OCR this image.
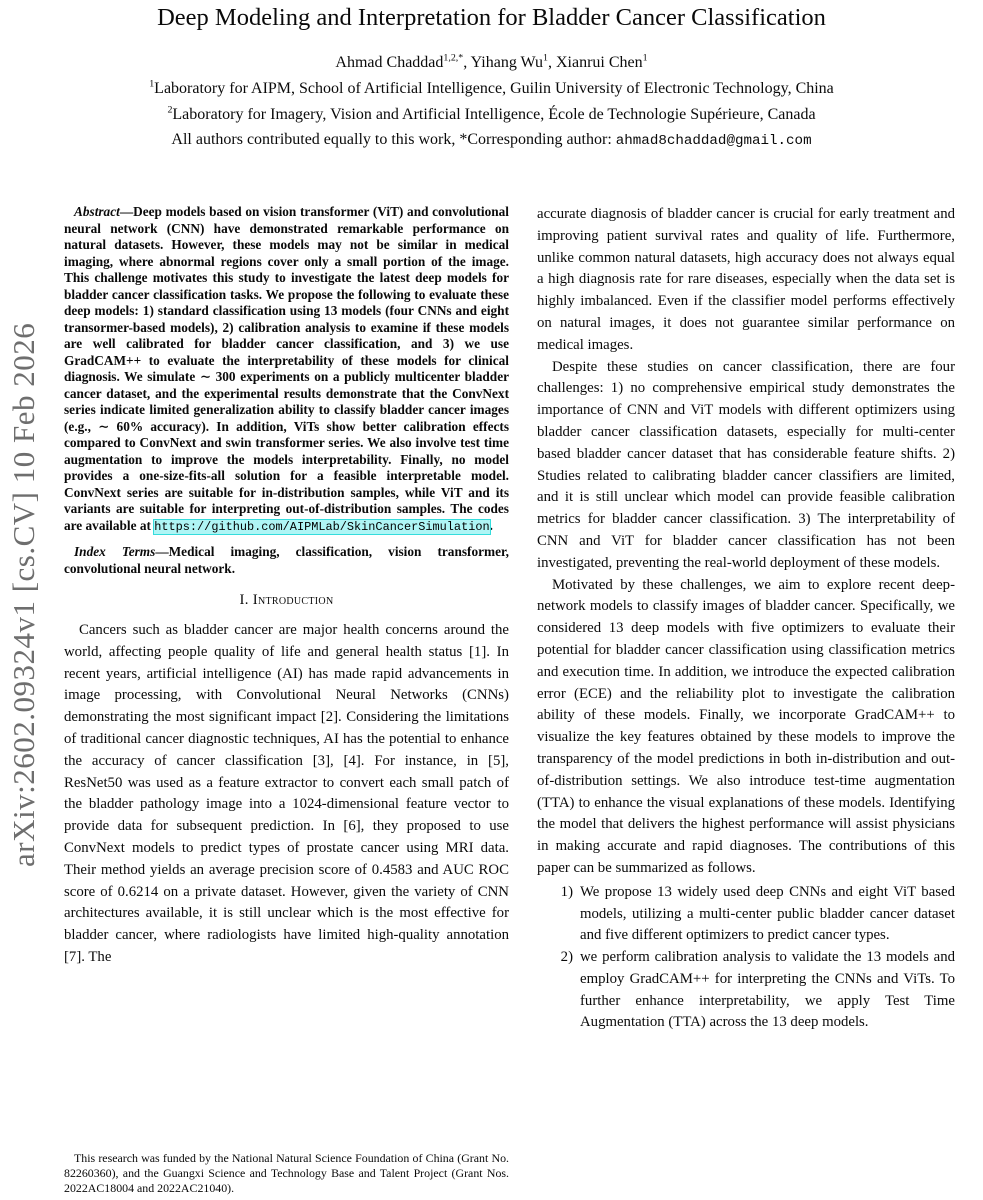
arXiv:2602.09324v1 [cs.CV] 10 Feb 2026
Deep Modeling and Interpretation for Bladder Cancer Classification
Ahmad Chaddad$^{1,2,*}$, Yihang Wu$^1$, Xianrui Chen$^1$
$^1$Laboratory for AIPM, School of Artificial Intelligence, Guilin University of Electronic Technology, China
$^2$Laboratory for Imagery, Vision and Artificial Intelligence, École de Technologie Supérieure, Canada
All authors contributed equally to this work, *Corresponding author: ahmad8chaddad@gmail.com

Abstract—Deep models based on vision transformer (ViT) and convolutional neural network (CNN) have demonstrated remarkable performance on natural datasets. However, these models may not be similar in medical imaging, where abnormal regions cover only a small portion of the image. This challenge motivates this study to investigate the latest deep models for bladder cancer classification tasks. We propose the following to evaluate these deep models: 1) standard classification using 13 models (four CNNs and eight transormer-based models), 2) calibration analysis to examine if these models are well calibrated for bladder cancer classification, and 3) we use GradCAM++ to evaluate the interpretability of these models for clinical diagnosis. We simulate ∼ 300 experiments on a publicly multicenter bladder cancer dataset, and the experimental results demonstrate that the ConvNext series indicate limited generalization ability to classify bladder cancer images (e.g., ∼ 60% accuracy). In addition, ViTs show better calibration effects compared to ConvNext and swin transformer series. We also involve test time augmentation to improve the models interpretability. Finally, no model provides a one-size-fits-all solution for a feasible interpretable model. ConvNext series are suitable for in-distribution samples, while ViT and its variants are suitable for interpreting out-of-distribution samples. The codes are available at https://github.com/AIPMLab/SkinCancerSimulation.

Index Terms—Medical imaging, classification, vision transformer, convolutional neural network.

I. Introduction

Cancers such as bladder cancer are major health concerns around the world, affecting people quality of life and general health status [1]. In recent years, artificial intelligence (AI) has made rapid advancements in image processing, with Convolutional Neural Networks (CNNs) demonstrating the most significant impact [2]. Considering the limitations of traditional cancer diagnostic techniques, AI has the potential to enhance the accuracy of cancer classification [3], [4]. For instance, in [5], ResNet50 was used as a feature extractor to convert each small patch of the bladder pathology image into a 1024-dimensional feature vector to provide data for subsequent prediction. In [6], they proposed to use ConvNext models to predict types of prostate cancer using MRI data. Their method yields an average precision score of 0.4583 and AUC ROC score of 0.6214 on a private dataset. However, given the variety of CNN architectures available, it is still unclear which is the most effective for bladder cancer, where radiologists have limited high-quality annotation [7]. The

accurate diagnosis of bladder cancer is crucial for early treatment and improving patient survival rates and quality of life. Furthermore, unlike common natural datasets, high accuracy does not always equal a high diagnosis rate for rare diseases, especially when the data set is highly imbalanced. Even if the classifier model performs effectively on natural images, it does not guarantee similar performance on medical images.

Despite these studies on cancer classification, there are four challenges: 1) no comprehensive empirical study demonstrates the importance of CNN and ViT models with different optimizers using bladder cancer classification datasets, especially for multi-center based bladder cancer dataset that has considerable feature shifts. 2) Studies related to calibrating bladder cancer classifiers are limited, and it is still unclear which model can provide feasible calibration metrics for bladder cancer classification. 3) The interpretability of CNN and ViT for bladder cancer classification has not been investigated, preventing the real-world deployment of these models.

Motivated by these challenges, we aim to explore recent deep-network models to classify images of bladder cancer. Specifically, we considered 13 deep models with five optimizers to evaluate their potential for bladder cancer classification using classification metrics and execution time. In addition, we introduce the expected calibration error (ECE) and the reliability plot to investigate the calibration ability of these models. Finally, we incorporate GradCAM++ to visualize the key features obtained by these models to improve the transparency of the model predictions in both in-distribution and out-of-distribution settings. We also introduce test-time augmentation (TTA) to enhance the visual explanations of these models. Identifying the model that delivers the highest performance will assist physicians in making accurate and rapid diagnoses. The contributions of this paper can be summarized as follows.

1) We propose 13 widely used deep CNNs and eight ViT based models, utilizing a multi-center public bladder cancer dataset and five different optimizers to predict cancer types.
2) we perform calibration analysis to validate the 13 models and employ GradCAM++ for interpreting the CNNs and ViTs. To further enhance interpretability, we apply Test Time Augmentation (TTA) across the 13 deep models.

This research was funded by the National Natural Science Foundation of China (Grant No. 82260360), and the Guangxi Science and Technology Base and Talent Project (Grant Nos. 2022AC18004 and 2022AC21040).
